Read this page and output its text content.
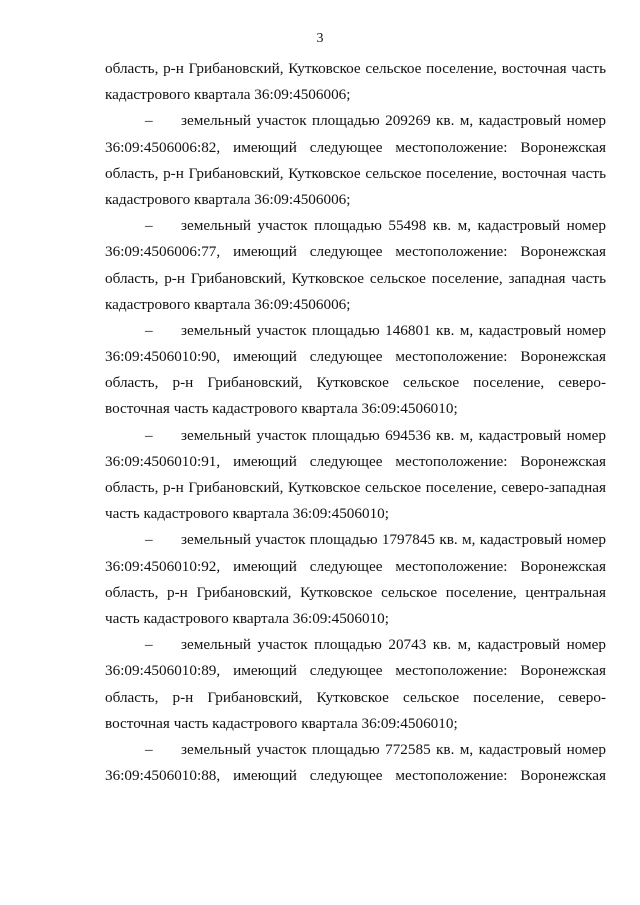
3
область, р-н Грибановский, Кутковское сельское поселение, восточная часть
кадастрового квартала 36:09:4506006;
– земельный участок площадью 209269 кв. м, кадастровый номер
36:09:4506006:82, имеющий следующее местоположение: Воронежская
область, р-н Грибановский, Кутковское сельское поселение, восточная часть
кадастрового квартала 36:09:4506006;
– земельный участок площадью 55498 кв. м, кадастровый номер
36:09:4506006:77, имеющий следующее местоположение: Воронежская
область, р-н Грибановский, Кутковское сельское поселение, западная часть
кадастрового квартала 36:09:4506006;
– земельный участок площадью 146801 кв. м, кадастровый номер
36:09:4506010:90, имеющий следующее местоположение: Воронежская
область, р-н Грибановский, Кутковское сельское поселение, северо-
восточная часть кадастрового квартала 36:09:4506010;
– земельный участок площадью 694536 кв. м, кадастровый номер
36:09:4506010:91, имеющий следующее местоположение: Воронежская
область, р-н Грибановский, Кутковское сельское поселение, северо-западная
часть кадастрового квартала 36:09:4506010;
– земельный участок площадью 1797845 кв. м, кадастровый номер
36:09:4506010:92, имеющий следующее местоположение: Воронежская
область, р-н Грибановский, Кутковское сельское поселение, центральная
часть кадастрового квартала 36:09:4506010;
– земельный участок площадью 20743 кв. м, кадастровый номер
36:09:4506010:89, имеющий следующее местоположение: Воронежская
область, р-н Грибановский, Кутковское сельское поселение, северо-
восточная часть кадастрового квартала 36:09:4506010;
– земельный участок площадью 772585 кв. м, кадастровый номер
36:09:4506010:88, имеющий следующее местоположение: Воронежская
